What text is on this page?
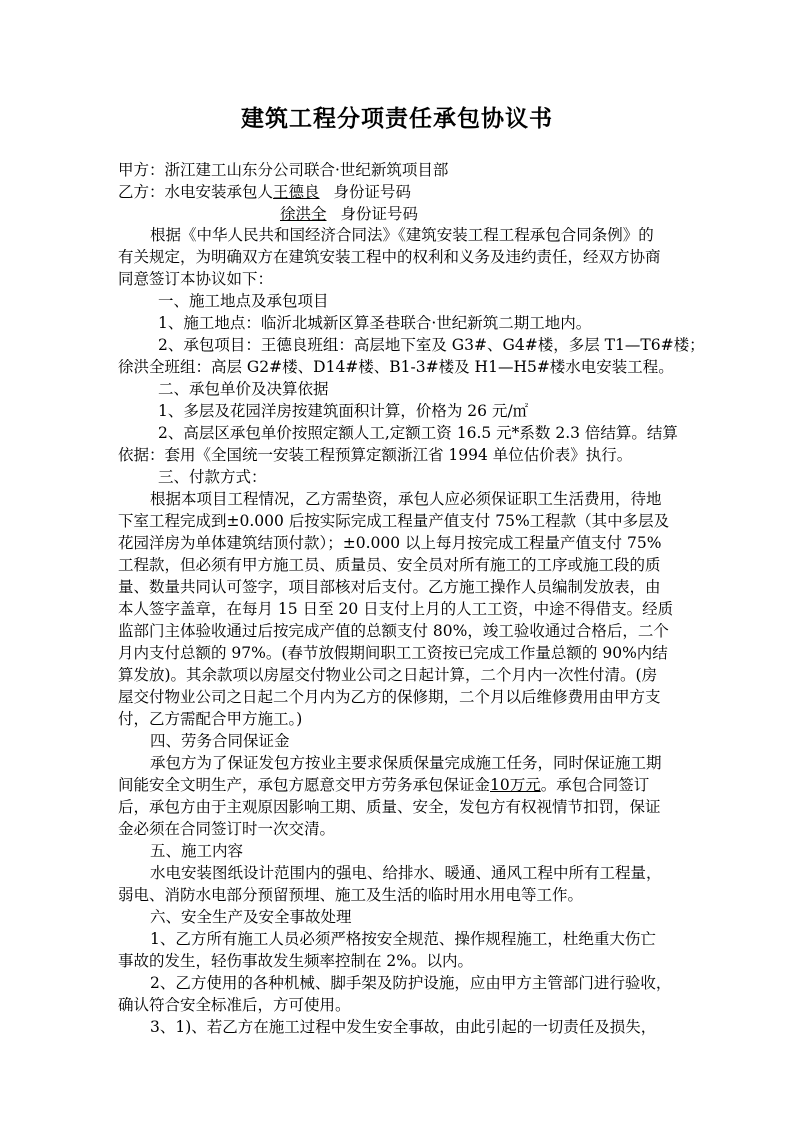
建筑工程分项责任承包协议书
甲方：浙江建工山东分公司联合·世纪新筑项目部
乙方：水电安装承包人王德良 身份证号码
徐洪全 身份证号码
根据《中华人民共和国经济合同法》《建筑安装工程工程承包合同条例》的
有关规定，为明确双方在建筑安装工程中的权利和义务及违约责任，经双方协商
同意签订本协议如下：
一、施工地点及承包项目
1、施工地点：临沂北城新区算圣巷联合·世纪新筑二期工地内。
2、承包项目：王德良班组：高层地下室及 G3#、G4#楼，多层 T1—T6#楼；
徐洪全班组：高层 G2#楼、D14#楼、B1-3#楼及 H1—H5#楼水电安装工程。
二、承包单价及决算依据
1、多层及花园洋房按建筑面积计算，价格为 26 元/㎡
2、高层区承包单价按照定额人工,定额工资 16.5 元*系数 2.3 倍结算。结算
依据：套用《全国统一安装工程预算定额浙江省 1994 单位估价表》执行。
三、付款方式：
根据本项目工程情况，乙方需垫资，承包人应必须保证职工生活费用，待地
下室工程完成到±0.000 后按实际完成工程量产值支付 75%工程款（其中多层及
花园洋房为单体建筑结顶付款）；±0.000 以上每月按完成工程量产值支付 75%
工程款，但必须有甲方施工员、质量员、安全员对所有施工的工序或施工段的质
量、数量共同认可签字，项目部核对后支付。乙方施工操作人员编制发放表，由
本人签字盖章，在每月 15 日至 20 日支付上月的人工工资，中途不得借支。经质
监部门主体验收通过后按完成产值的总额支付 80%，竣工验收通过合格后，二个
月内支付总额的 97%。(春节放假期间职工工资按已完成工作量总额的 90%内结
算发放)。其余款项以房屋交付物业公司之日起计算，二个月内一次性付清。(房
屋交付物业公司之日起二个月内为乙方的保修期，二个月以后维修费用由甲方支
付，乙方需配合甲方施工。)
四、劳务合同保证金
承包方为了保证发包方按业主要求保质保量完成施工任务，同时保证施工期
间能安全文明生产，承包方愿意交甲方劳务承包保证金10万元。承包合同签订
后，承包方由于主观原因影响工期、质量、安全，发包方有权视情节扣罚，保证
金必须在合同签订时一次交清。
五、施工内容
水电安装图纸设计范围内的强电、给排水、暖通、通风工程中所有工程量，
弱电、消防水电部分预留预埋、施工及生活的临时用水用电等工作。
六、安全生产及安全事故处理
1、乙方所有施工人员必须严格按安全规范、操作规程施工，杜绝重大伤亡
事故的发生，轻伤事故发生频率控制在 2%。以内。
2、乙方使用的各种机械、脚手架及防护设施，应由甲方主管部门进行验收，
确认符合安全标准后，方可使用。
3、1)、若乙方在施工过程中发生安全事故，由此引起的一切责任及损失，
